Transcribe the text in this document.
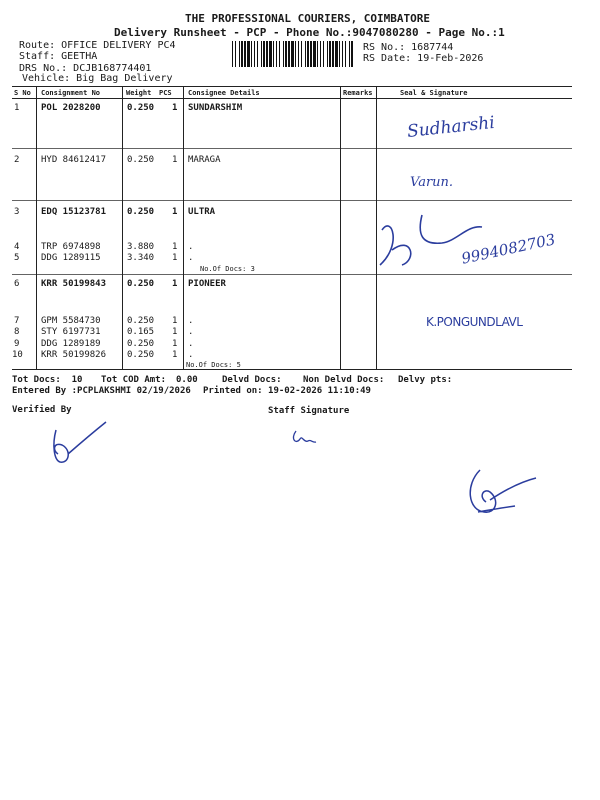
THE PROFESSIONAL COURIERS, COIMBATORE
Delivery Runsheet - PCP - Phone No.:9047080280 - Page No.:1
Route: OFFICE DELIVERY PC4
Staff: GEETHA
DRS No.: DCJB168774401
Vehicle: Big Bag Delivery
RS No.: 1687744
RS Date: 19-Feb-2026
S No Consignment No	Weight PCS Consignee Details	Remarks	Seal & Signature
1 POL 2028200	0.250 1 SUNDARSHIM
2 HYD 84612417 0.250 1 MARAGA
3 EDQ 15123781 0.250 1 ULTRA
4 TRP 6974898	3.880 1 .
5 DDG 1289115	3.340 1 .
No.Of Docs: 3
6 KRR 50199843 0.250 1 PIONEER
7 GPM 5584730	0.250 1 .
8 STY 6197731	0.165 1 .
9 DDG 1289189	0.250 1 .
10 KRR 50199826 0.250 1 .
No.Of Docs: 5
Sudharshi
Varun.
9994082703
K.PONGUNDLAVL
Tot Docs:  10 Tot COD Amt: 0.00	Delvd Docs: Non Delvd Docs: Delvy pts:
Entered By :PCPLAKSHMI 02/19/2026 Printed on: 19-02-2026 11:10:49
Verified By	Staff Signature
